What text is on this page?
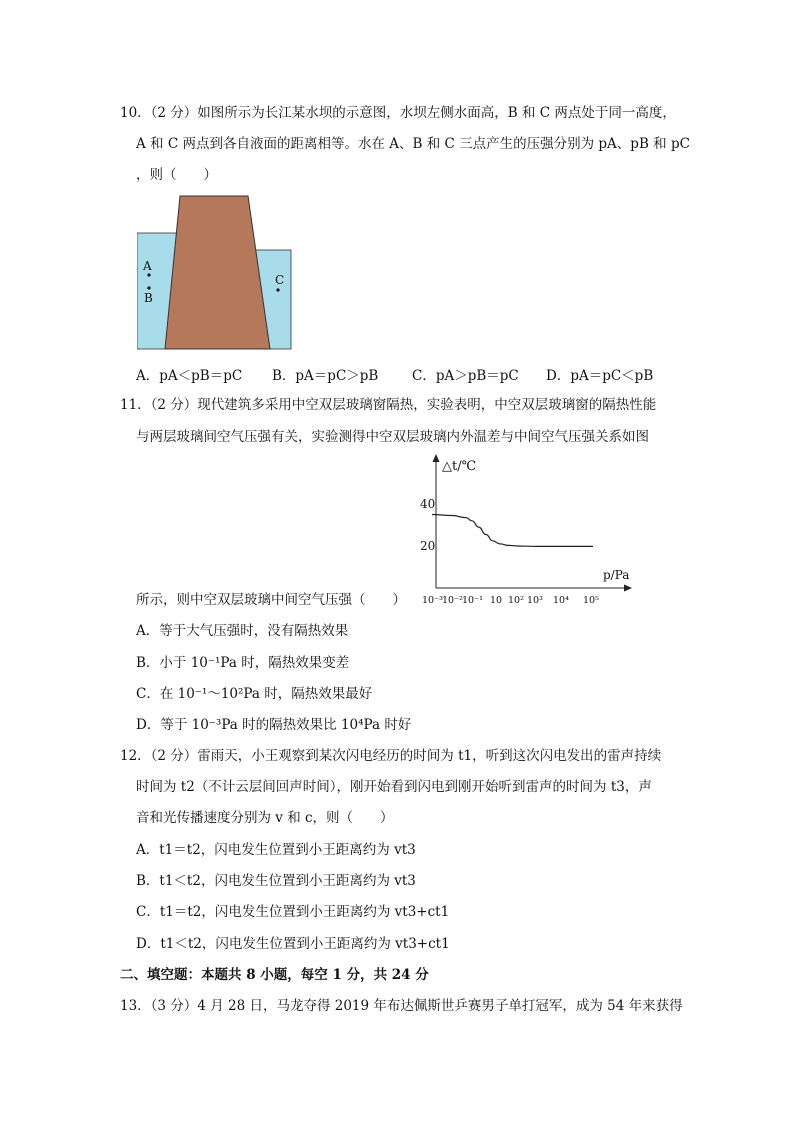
10．（2 分）如图所示为长江某水坝的示意图，水坝左侧水面高，B 和 C 两点处于同一高度，
A 和 C 两点到各自液面的距离相等。水在 A、B 和 C 三点产生的压强分别为 pA、pB 和 pC
，则（　　）
A
B
C
A．pA＜pB＝pC B．pA＝pC＞pB C．pA＞pB＝pC D．pA＝pC＜pB
11．（2 分）现代建筑多采用中空双层玻璃窗隔热，实验表明，中空双层玻璃窗的隔热性能
与两层玻璃间空气压强有关，实验测得中空双层玻璃内外温差与中间空气压强关系如图
10⁻³ 10⁻² 10⁻¹ 10 10² 10³ 10⁴ 10⁵
20
40
△t/℃
p/Pa
所示，则中空双层玻璃中间空气压强（　　）
A．等于大气压强时，没有隔热效果
B．小于 10⁻¹Pa 时，隔热效果变差
C．在 10⁻¹～10²Pa 时，隔热效果最好
D．等于 10⁻³Pa 时的隔热效果比 10⁴Pa 时好
12．（2 分）雷雨天，小王观察到某次闪电经历的时间为 t1，听到这次闪电发出的雷声持续
时间为 t2（不计云层间回声时间），刚开始看到闪电到刚开始听到雷声的时间为 t3，声
音和光传播速度分别为 v 和 c，则（　　）
A．t1＝t2，闪电发生位置到小王距离约为 vt3
B．t1＜t2，闪电发生位置到小王距离约为 vt3
C．t1＝t2，闪电发生位置到小王距离约为 vt3+ct1
D．t1＜t2，闪电发生位置到小王距离约为 vt3+ct1
二、填空题：本题共 8 小题，每空 1 分，共 24 分
13．（3 分）4 月 28 日，马龙夺得 2019 年布达佩斯世乒赛男子单打冠军，成为 54 年来获得
